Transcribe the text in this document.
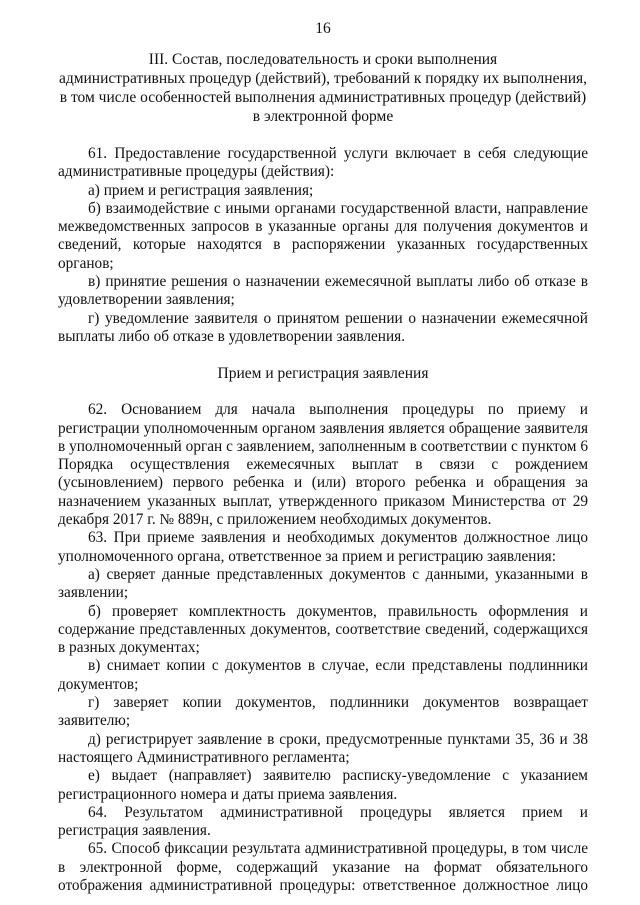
16
III. Состав, последовательность и сроки выполнения
административных процедур (действий), требований к порядку их выполнения,
в том числе особенностей выполнения административных процедур (действий)
в электронной форме

61. Предоставление государственной услуги включает в себя следующие административные процедуры (действия):

а) прием и регистрация заявления;

б) взаимодействие с иными органами государственной власти, направление межведомственных запросов в указанные органы для получения документов и сведений, которые находятся в распоряжении указанных государственных органов;

в) принятие решения о назначении ежемесячной выплаты либо об отказе в удовлетворении заявления;

г) уведомление заявителя о принятом решении о назначении ежемесячной выплаты либо об отказе в удовлетворении заявления.

Прием и регистрация заявления

62. Основанием для начала выполнения процедуры по приему и регистрации уполномоченным органом заявления является обращение заявителя в уполномоченный орган с заявлением, заполненным в соответствии с пунктом 6 Порядка осуществления ежемесячных выплат в связи с рождением (усыновлением) первого ребенка и (или) второго ребенка и обращения за назначением указанных выплат, утвержденного приказом Министерства от 29 декабря 2017 г. № 889н, с приложением необходимых документов.

63. При приеме заявления и необходимых документов должностное лицо уполномоченного органа, ответственное за прием и регистрацию заявления:

а) сверяет данные представленных документов с данными, указанными в заявлении;

б) проверяет комплектность документов, правильность оформления и содержание представленных документов, соответствие сведений, содержащихся в разных документах;

в) снимает копии с документов в случае, если представлены подлинники документов;

г) заверяет копии документов, подлинники документов возвращает заявителю;

д) регистрирует заявление в сроки, предусмотренные пунктами 35, 36 и 38 настоящего Административного регламента;

е) выдает (направляет) заявителю расписку-уведомление с указанием регистрационного номера и даты приема заявления.

64. Результатом административной процедуры является прием и регистрация заявления.

65. Способ фиксации результата административной процедуры, в том числе в электронной форме, содержащий указание на формат обязательного отображения административной процедуры: ответственное должностное лицо
